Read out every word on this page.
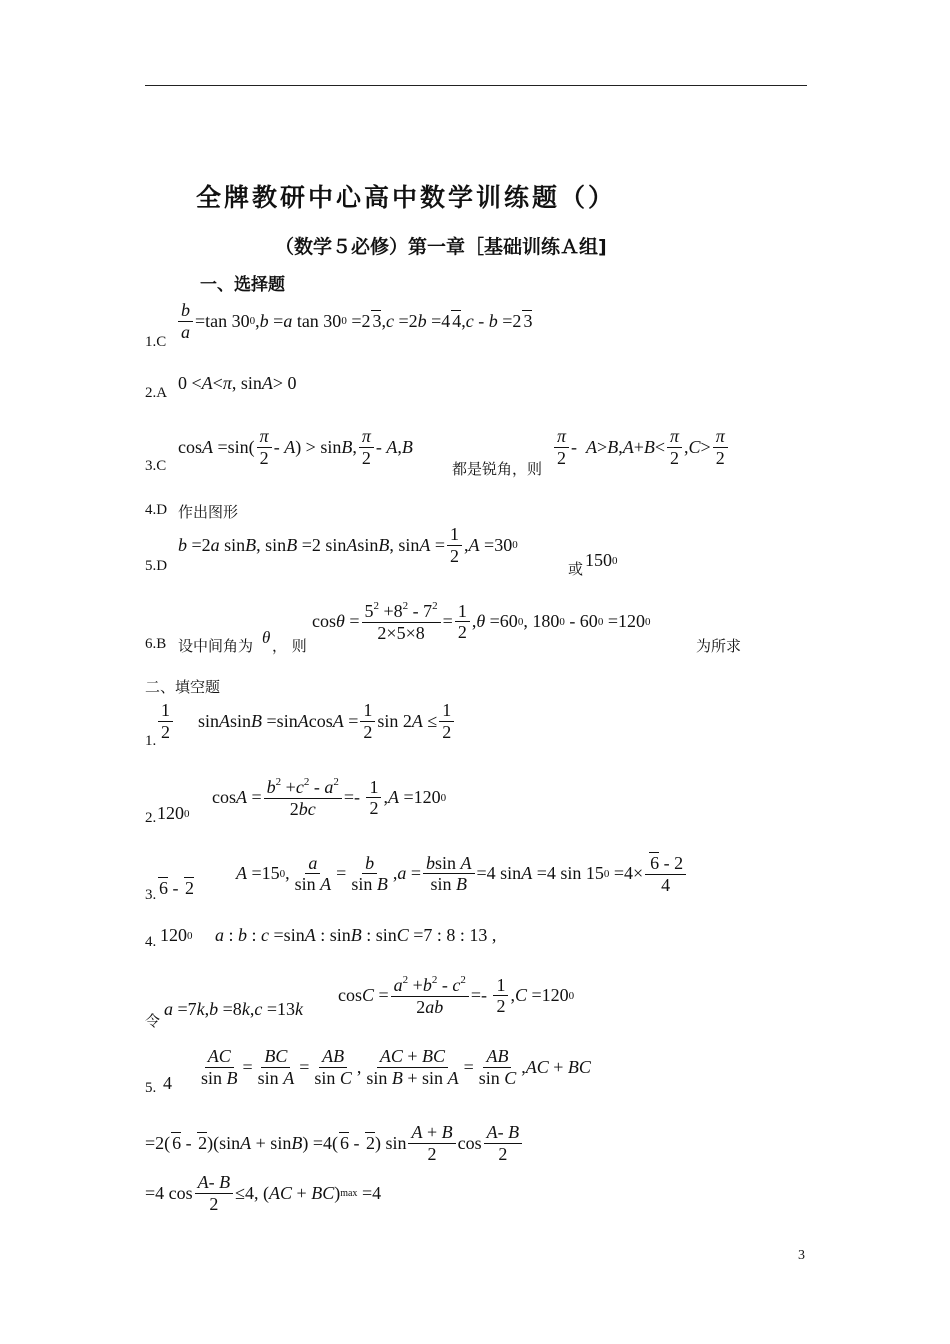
全牌教研中心高中数学训练题（）
（数学５必修）第一章［基础训练Ａ组]
一、选择题
$1.C \frac{b}{a} =\tan$ 30 0 , b = a tan 30 0 =2 3 , c =2 b =4 4 , c - b =2 3
2.A 0 < A < π , sin A > 0
3.C
$\cos A =\sin( \frac{\pi}{2} - A$ ) > sin B , $\frac{\pi}{2}$ - A , B
都是锐角，则
$\frac{\pi}{2} - A > B$ , $A + B < \frac{\pi}{2}$ , $C > \frac{\pi}{2}$
4.D 作出图形
5.D
b =2 a sin B , sin B =2 sin A sin B , $\sin A = \frac{1}{2}$ , A =30 0
或 150 0
6.B 设中间角为 θ ， 则
$\cos \theta = \frac{5^2 +8^2 - 7^2}{2\times 5\times 8} = \frac{1}{2}$ , θ =60 0 , 180 0 - 60 0 =120 0
为所求
二、填空题
1. $\frac{1}{2}$ sin A sin B =sin A $\cos A = \frac{1}{2}$ sin 2 $A \le \frac{1}{2}$
2. 120 0
$\cos A = \frac{b^2 +c^2 - a^2}{2bc} =- \frac{1}{2}$ , A =120 0
3. 6 - 2
A =15 0 , $\frac{a}{\text{sin A}} = \frac{b}{\text{sin B}}$ , $a = \frac{\text{bsin A}}{\text{sin B}} =4$ sin A =4 sin 15 $0 =4\times \frac{6 - 2}{4}$
4. 120 0 a : b : c =sin A : sin B : sin C =7 : 8 : 13 ,
令
a =7 k , b =8 k , c =13 k
$\cos C = \frac{a^2 +b^2 - c^2}{2ab} =- \frac{1}{2}$ , C =120 0
5. $4 \frac{AC}{\text{sin B}} = \frac{BC}{\text{sin A}} = \frac{AB}{\text{sin C}}$ , $\frac{AC + BC}{\text{sin B + sin A}} = \frac{AB}{\text{sin C}}$ , AC + BC
=2( 6 - 2 )(sin A + sin B ) =4( 6 - 2 ) $\sin \frac{A + B}{2}$ $\cos \frac{A- B}{2}$
=4 $\cos \frac{A- B}{2} \le 4$, ( AC + BC ) max =4
3
